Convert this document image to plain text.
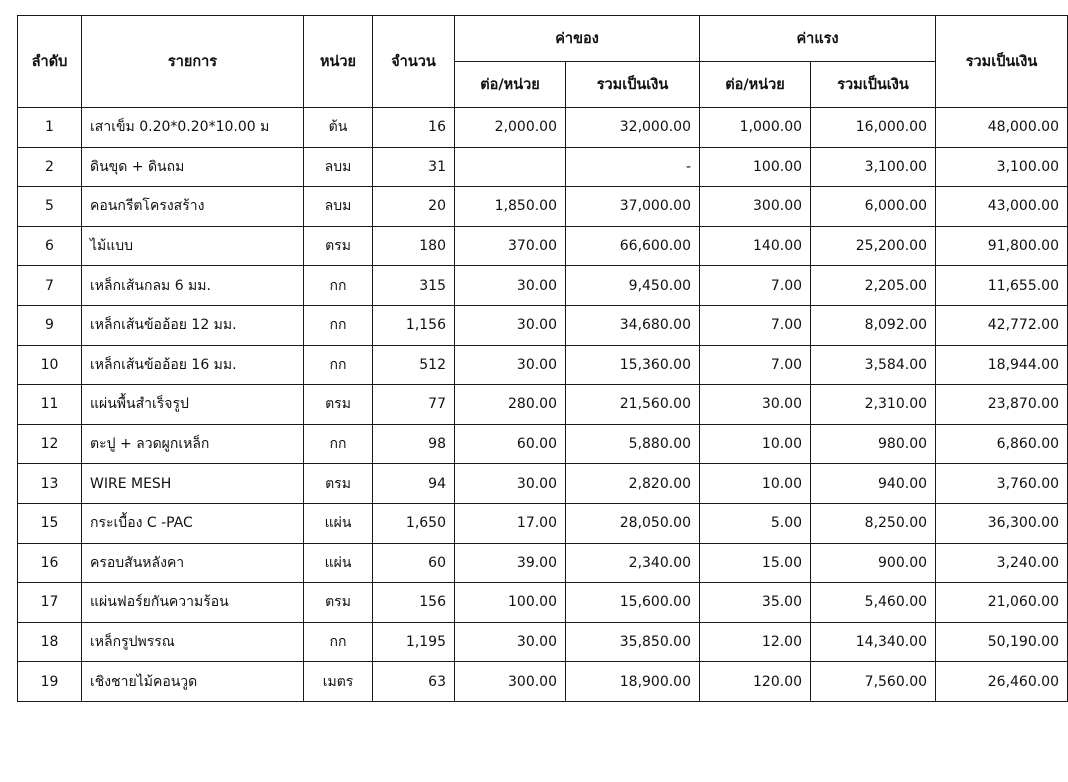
ลำดับ	รายการ	หน่วย	จำนวน	ค่าของ		ค่าแรง		รวมเป็นเงิน
				ต่อ/หน่วย	รวมเป็นเงิน	ต่อ/หน่วย	รวมเป็นเงิน	
1	เสาเข็ม 0.20*0.20*10.00 ม	ต้น	16	2,000.00	32,000.00	1,000.00	16,000.00	48,000.00
2	ดินขุด + ดินถม	ลบม	31		-	100.00	3,100.00	3,100.00
5	คอนกรีตโครงสร้าง	ลบม	20	1,850.00	37,000.00	300.00	6,000.00	43,000.00
6	ไม้แบบ	ตรม	180	370.00	66,600.00	140.00	25,200.00	91,800.00
7	เหล็กเส้นกลม 6 มม.	กก	315	30.00	9,450.00	7.00	2,205.00	11,655.00
9	เหล็กเส้นข้ออ้อย 12 มม.	กก	1,156	30.00	34,680.00	7.00	8,092.00	42,772.00
10	เหล็กเส้นข้ออ้อย 16 มม.	กก	512	30.00	15,360.00	7.00	3,584.00	18,944.00
11	แผ่นพื้นสำเร็จรูป	ตรม	77	280.00	21,560.00	30.00	2,310.00	23,870.00
12	ตะปู + ลวดผูกเหล็ก	กก	98	60.00	5,880.00	10.00	980.00	6,860.00
13	WIRE MESH	ตรม	94	30.00	2,820.00	10.00	940.00	3,760.00
15	กระเบื้อง C -PAC	แผ่น	1,650	17.00	28,050.00	5.00	8,250.00	36,300.00
16	ครอบสันหลังคา	แผ่น	60	39.00	2,340.00	15.00	900.00	3,240.00
17	แผ่นฟอร์ยกันความร้อน	ตรม	156	100.00	15,600.00	35.00	5,460.00	21,060.00
18	เหล็กรูปพรรณ	กก	1,195	30.00	35,850.00	12.00	14,340.00	50,190.00
19	เชิงชายไม้คอนวูด	เมตร	63	300.00	18,900.00	120.00	7,560.00	26,460.00
